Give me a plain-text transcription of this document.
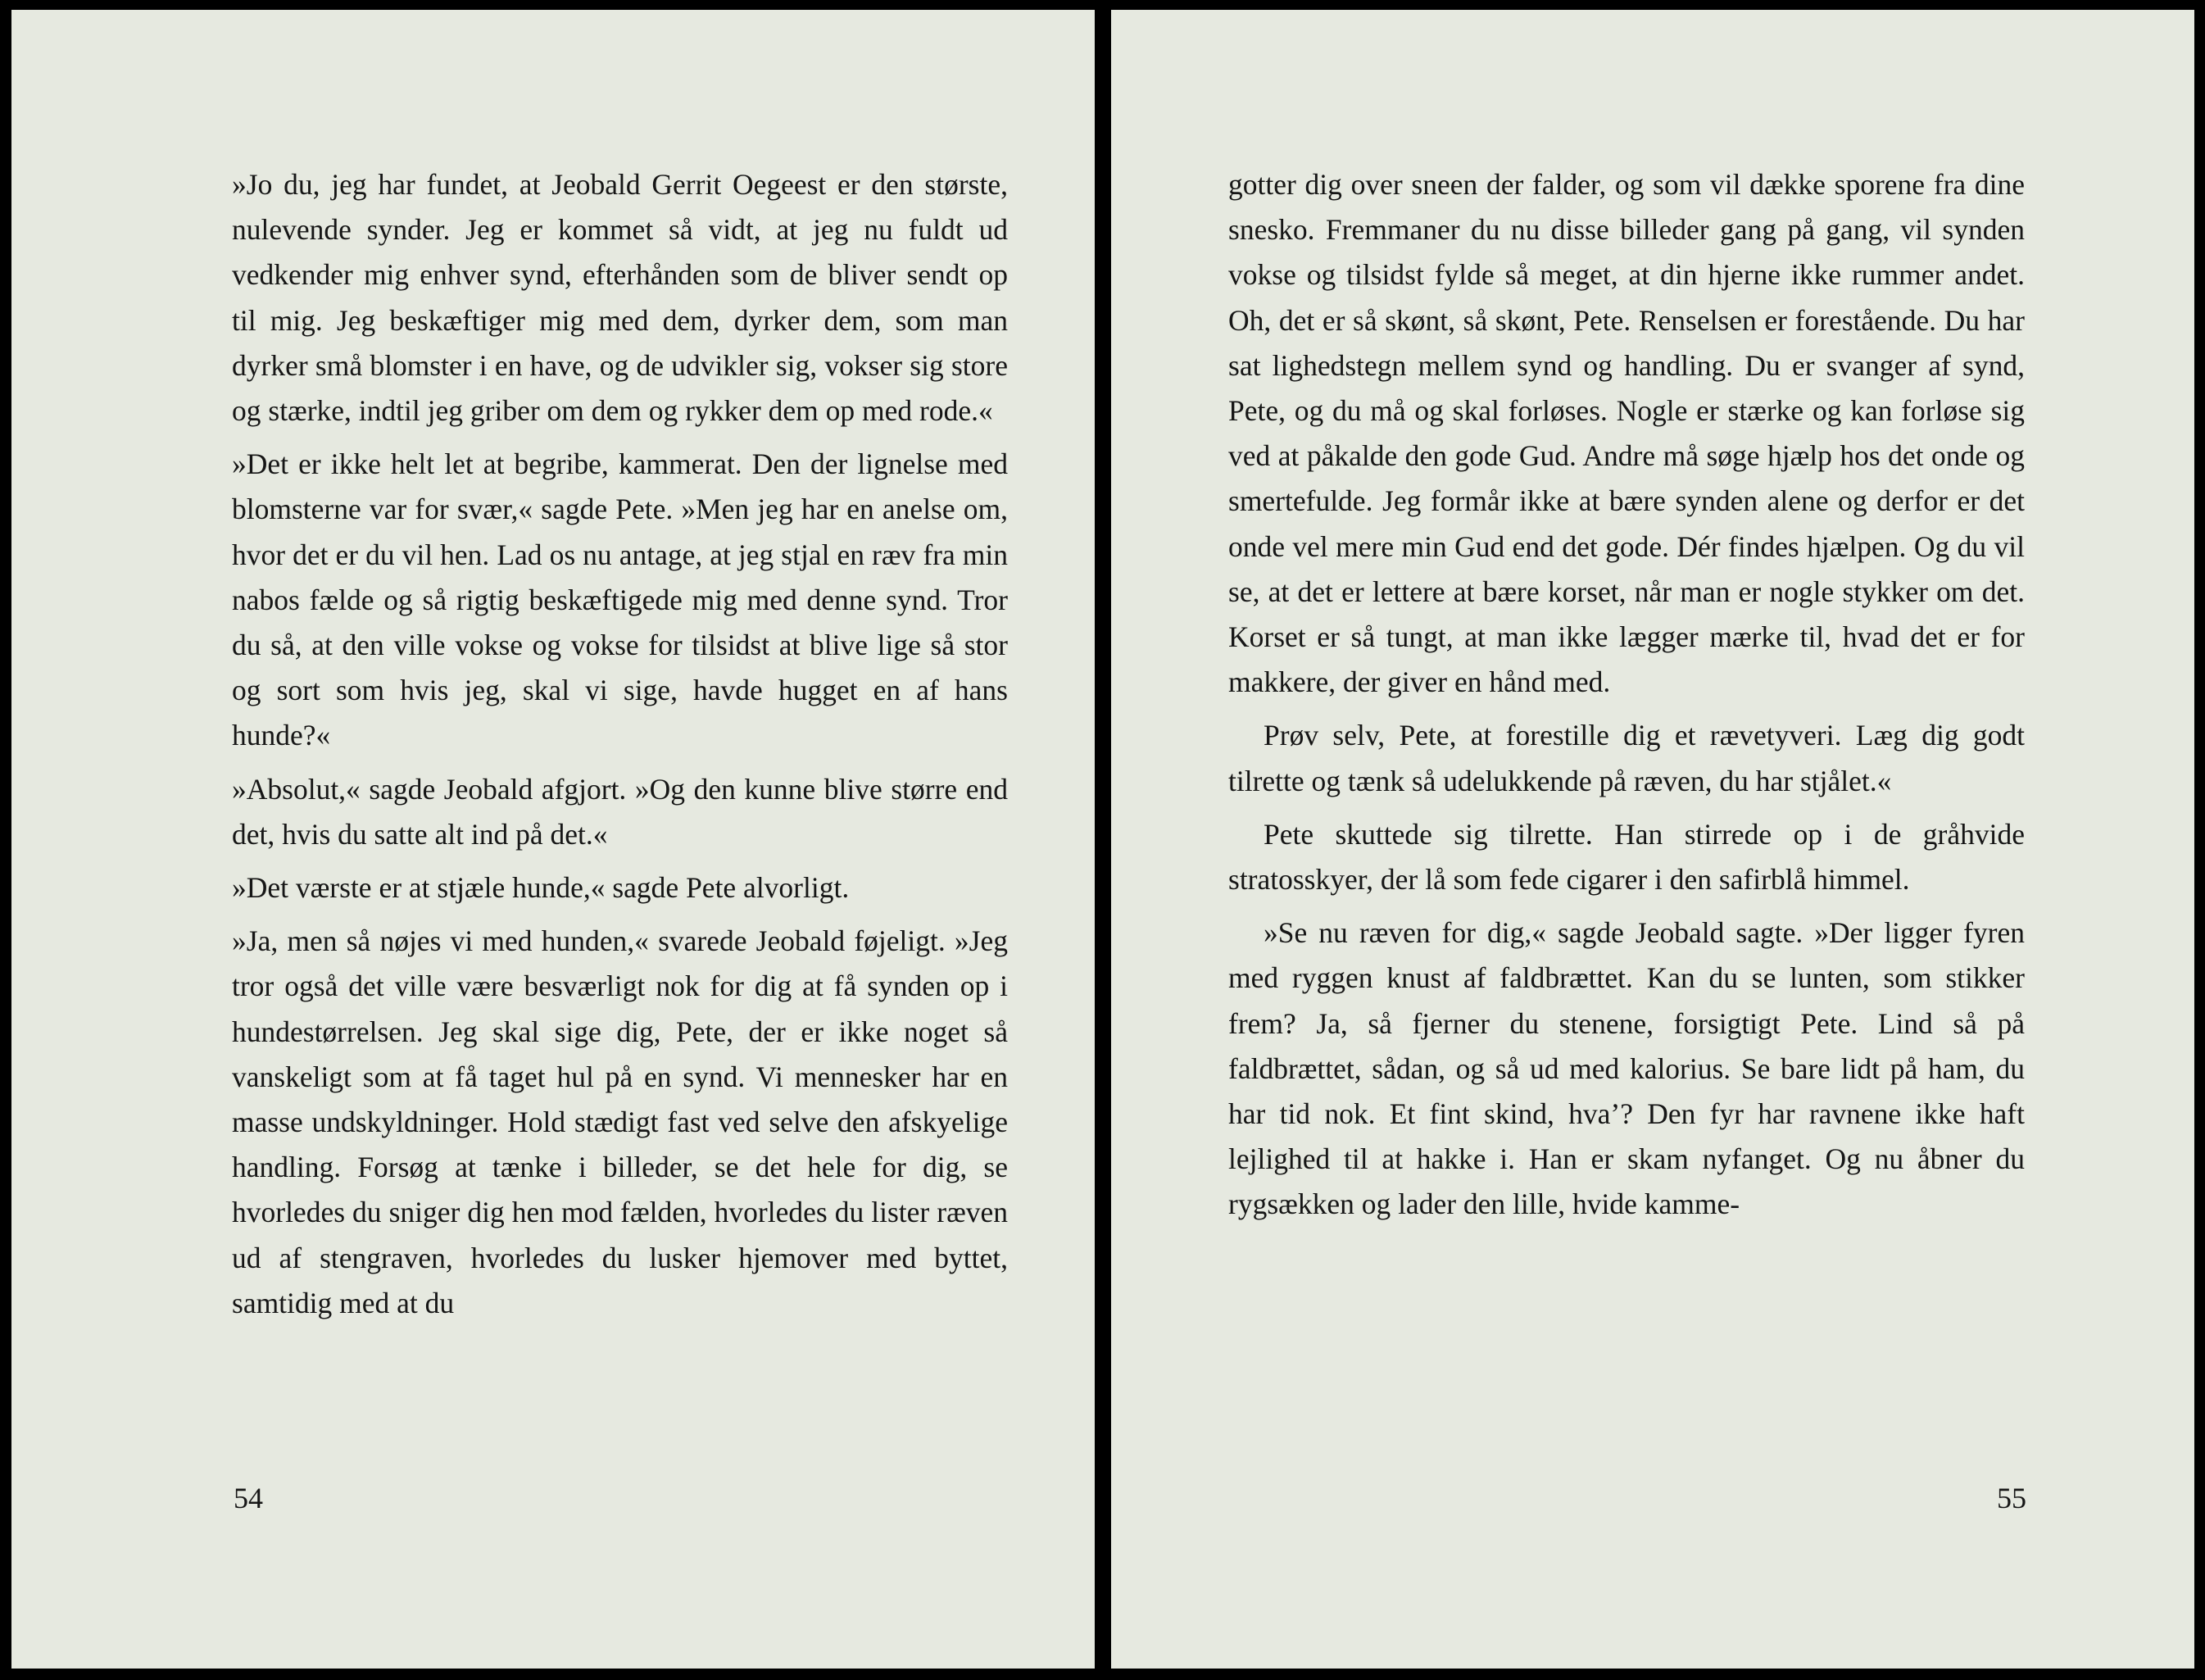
»Jo du, jeg har fundet, at Jeobald Gerrit Oegeest er den største, nulevende synder. Jeg er kommet så vidt, at jeg nu fuldt ud vedkender mig enhver synd, efterhånden som de bliver sendt op til mig. Jeg beskæftiger mig med dem, dyrker dem, som man dyrker små blomster i en have, og de udvikler sig, vokser sig store og stærke, indtil jeg griber om dem og rykker dem op med rode.«

»Det er ikke helt let at begribe, kammerat. Den der lignelse med blomsterne var for svær,« sagde Pete. »Men jeg har en anelse om, hvor det er du vil hen. Lad os nu antage, at jeg stjal en ræv fra min nabos fælde og så rigtig beskæftigede mig med denne synd. Tror du så, at den ville vokse og vokse for tilsidst at blive lige så stor og sort som hvis jeg, skal vi sige, havde hugget en af hans hunde?«

»Absolut,« sagde Jeobald afgjort. »Og den kunne blive større end det, hvis du satte alt ind på det.«

»Det værste er at stjæle hunde,« sagde Pete alvorligt.

»Ja, men så nøjes vi med hunden,« svarede Jeobald føjeligt. »Jeg tror også det ville være besværligt nok for dig at få synden op i hundestørrelsen. Jeg skal sige dig, Pete, der er ikke noget så vanskeligt som at få taget hul på en synd. Vi mennesker har en masse undskyldninger. Hold stædigt fast ved selve den afskyelige handling. Forsøg at tænke i billeder, se det hele for dig, se hvorledes du sniger dig hen mod fælden, hvorledes du lister ræven ud af stengraven, hvorledes du lusker hjemover med byttet, samtidig med at du

54

gotter dig over sneen der falder, og som vil dække sporene fra dine snesko. Fremmaner du nu disse billeder gang på gang, vil synden vokse og tilsidst fylde så meget, at din hjerne ikke rummer andet. Oh, det er så skønt, så skønt, Pete. Renselsen er forestående. Du har sat lighedstegn mellem synd og handling. Du er svanger af synd, Pete, og du må og skal forløses. Nogle er stærke og kan forløse sig ved at påkalde den gode Gud. Andre må søge hjælp hos det onde og smertefulde. Jeg formår ikke at bære synden alene og derfor er det onde vel mere min Gud end det gode. Dér findes hjælpen. Og du vil se, at det er lettere at bære korset, når man er nogle stykker om det. Korset er så tungt, at man ikke lægger mærke til, hvad det er for makkere, der giver en hånd med.

Prøv selv, Pete, at forestille dig et rævetyveri. Læg dig godt tilrette og tænk så udelukkende på ræven, du har stjålet.«

Pete skuttede sig tilrette. Han stirrede op i de gråhvide stratosskyer, der lå som fede cigarer i den safirblå himmel.

»Se nu ræven for dig,« sagde Jeobald sagte. »Der ligger fyren med ryggen knust af faldbrættet. Kan du se lunten, som stikker frem? Ja, så fjerner du stenene, forsigtigt Pete. Lind så på faldbrættet, sådan, og så ud med kalorius. Se bare lidt på ham, du har tid nok. Et fint skind, hva’? Den fyr har ravnene ikke haft lejlighed til at hakke i. Han er skam nyfanget. Og nu åbner du rygsækken og lader den lille, hvide kamme-

55
